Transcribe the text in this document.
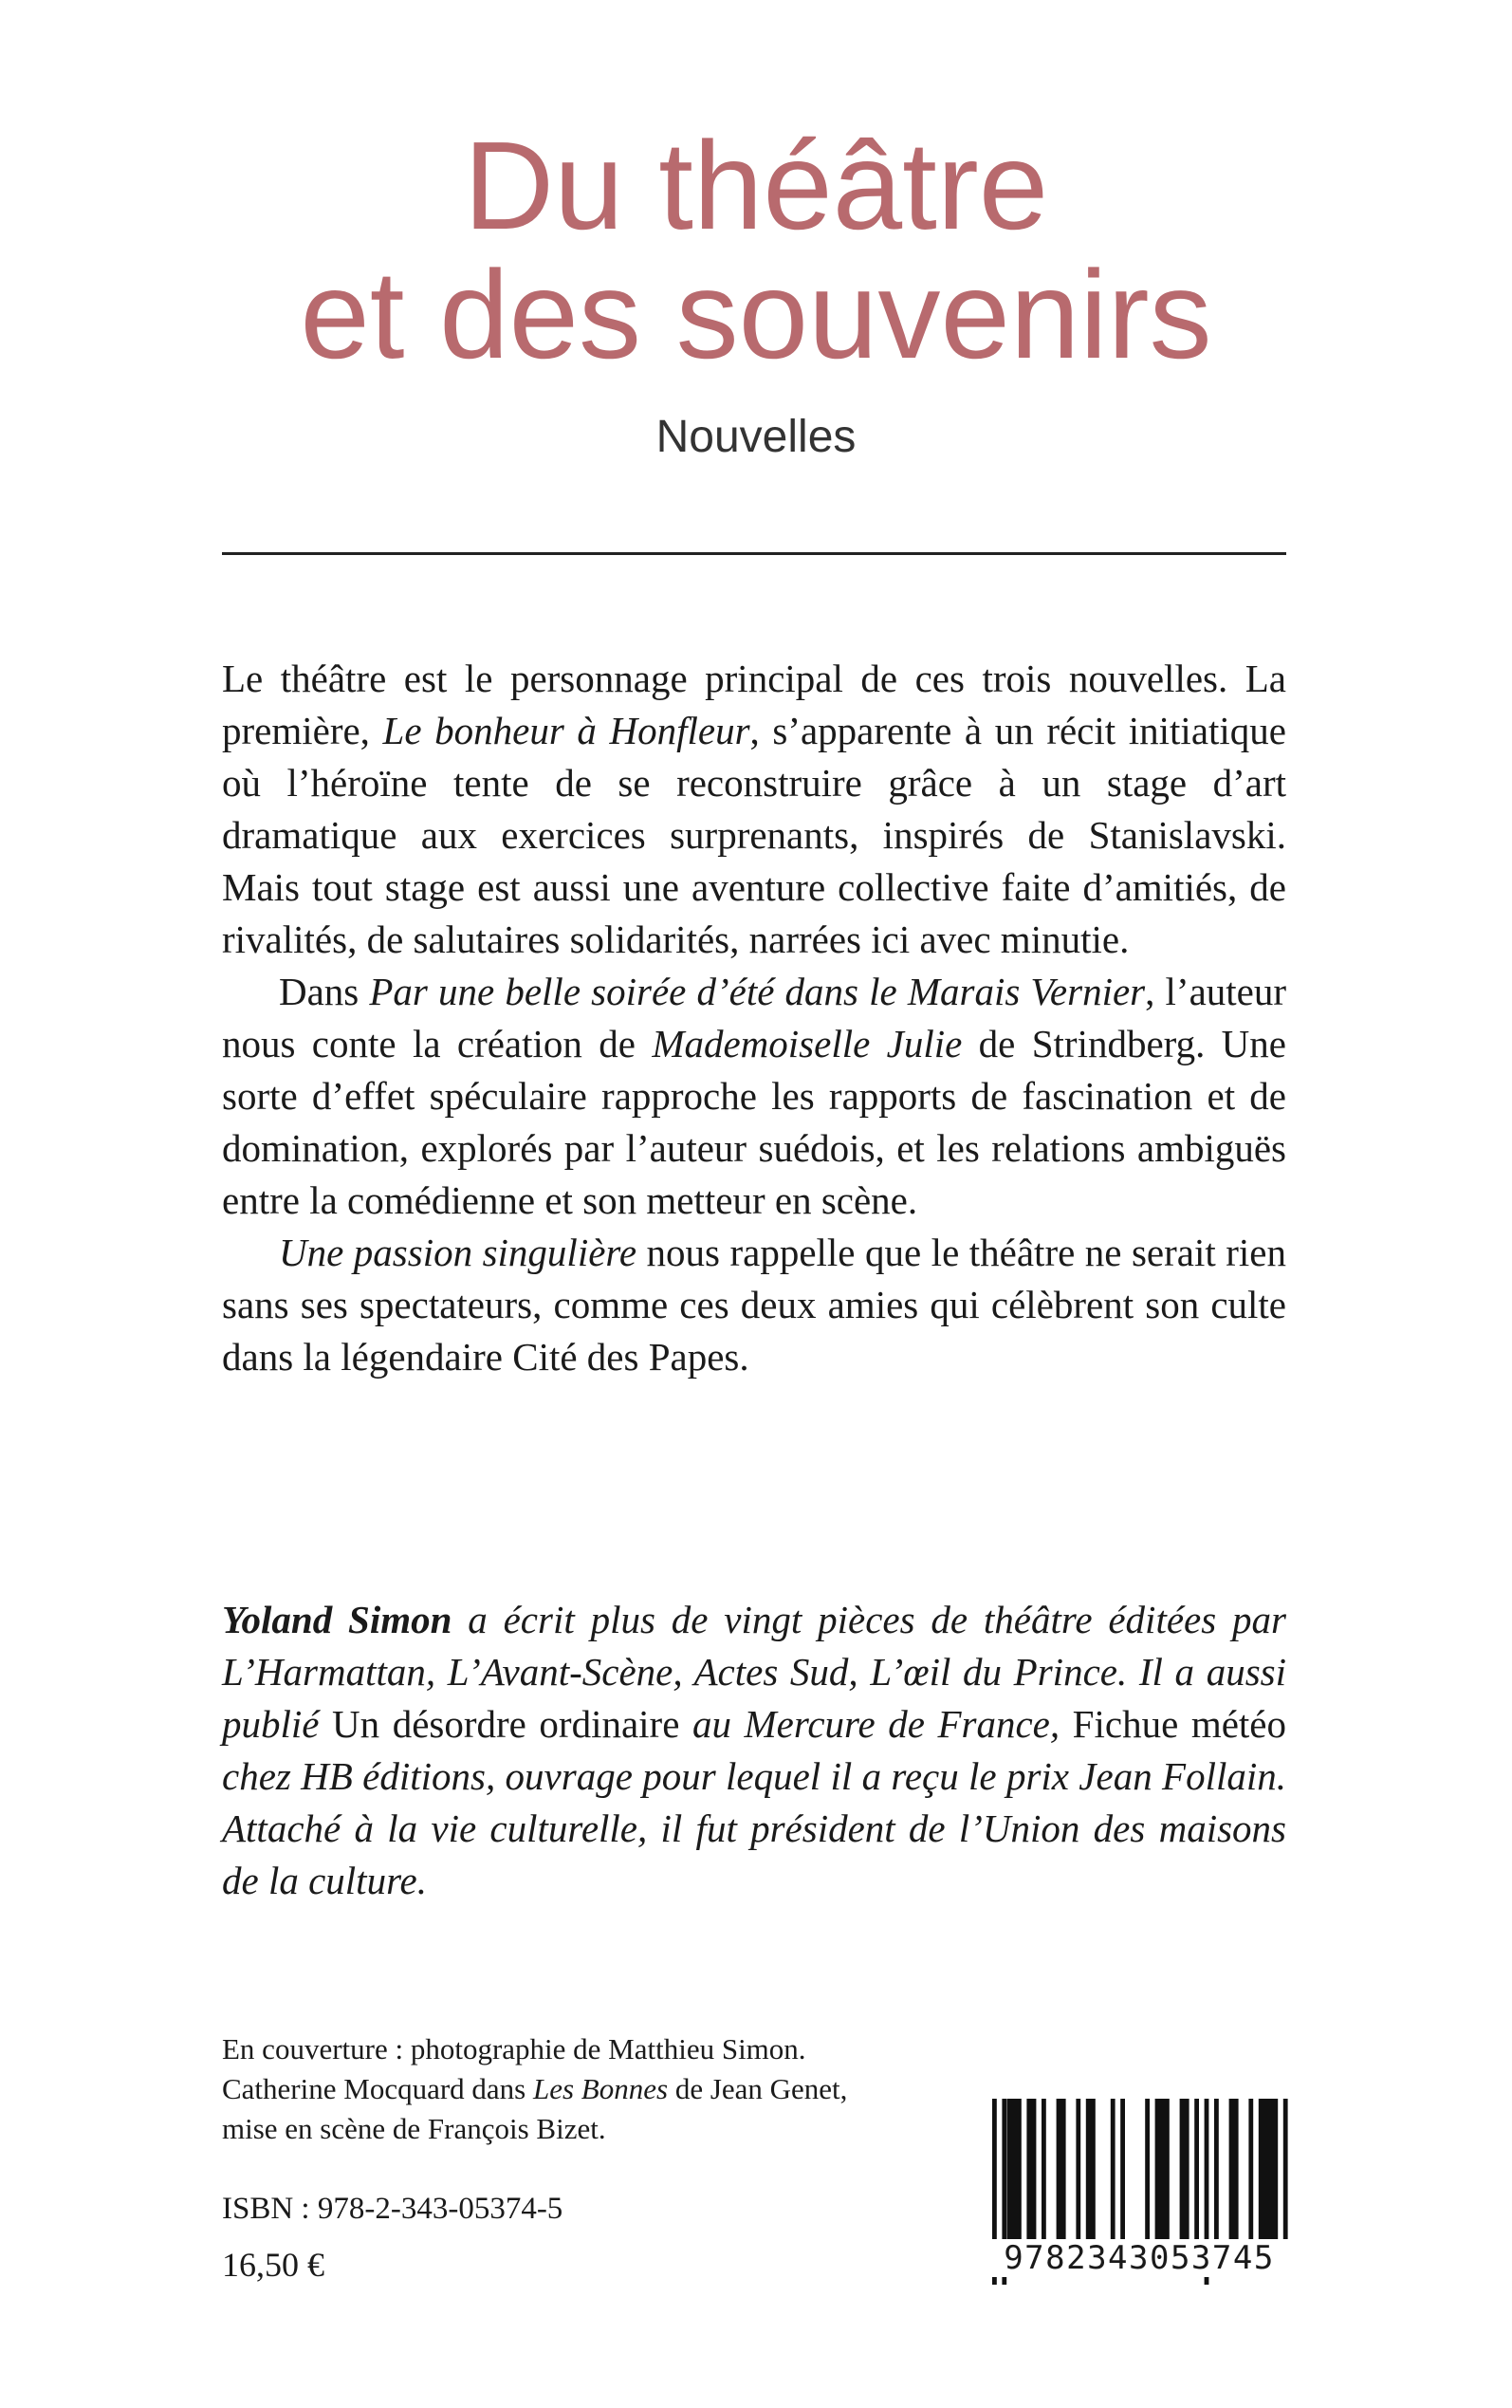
Du théâtre
et des souvenirs
Nouvelles

Le théâtre est le personnage principal de ces trois nouvelles. La première, Le bonheur à Honfleur, s’apparente à un récit initiatique où l’héroïne tente de se reconstruire grâce à un stage d’art dramatique aux exercices surprenants, inspirés de Stanislavski. Mais tout stage est aussi une aventure collective faite d’amitiés, de rivalités, de salutaires solidarités, narrées ici avec minutie.

Dans Par une belle soirée d’été dans le Marais Vernier, l’auteur nous conte la création de Mademoiselle Julie de Strindberg. Une sorte d’effet spéculaire rapproche les rapports de fascination et de domination, explorés par l’auteur suédois, et les relations ambiguës entre la comédienne et son metteur en scène.

Une passion singulière nous rappelle que le théâtre ne serait rien sans ses spectateurs, comme ces deux amies qui célèbrent son culte dans la légendaire Cité des Papes.

Yoland Simon a écrit plus de vingt pièces de théâtre éditées par L’Harmattan, L’Avant-Scène, Actes Sud, L’œil du Prince. Il a aussi publié Un désordre ordinaire au Mercure de France, Fichue météo chez HB éditions, ouvrage pour lequel il a reçu le prix Jean Follain. Attaché à la vie culturelle, il fut président de l’Union des maisons de la culture.

En couverture : photographie de Matthieu Simon.
Catherine Mocquard dans Les Bonnes de Jean Genet,
mise en scène de François Bizet.
ISBN : 978-2-343-05374-5
16,50 €	9782343053745
